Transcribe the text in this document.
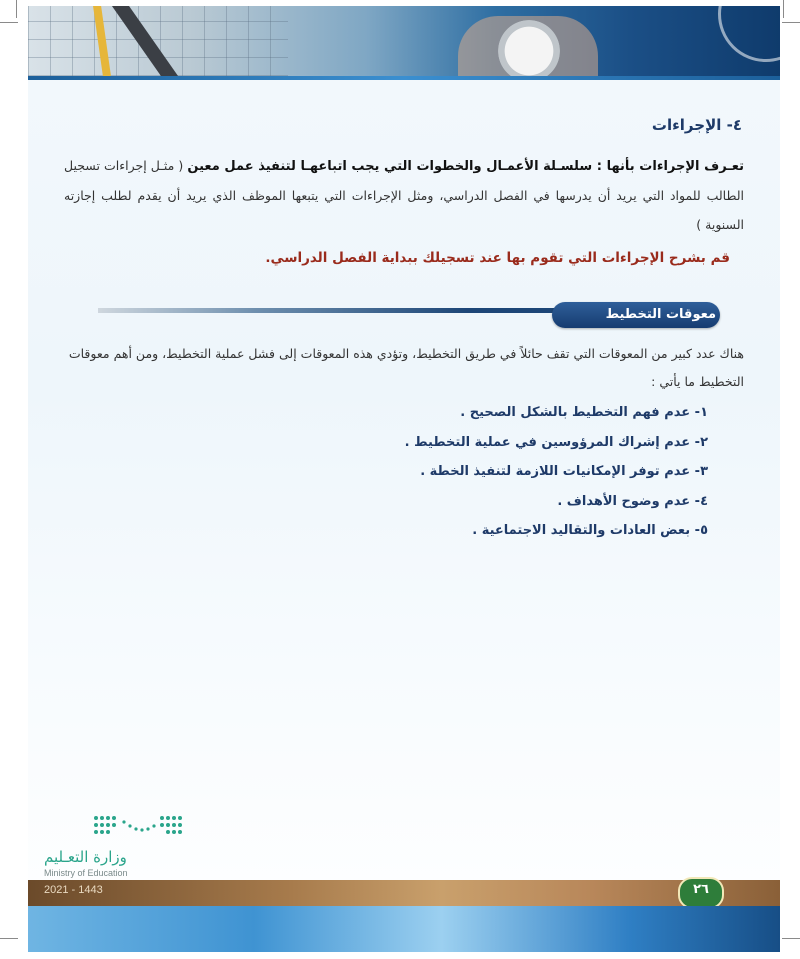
٤- الإجراءات
تعـرف الإجراءات بأنها : سلسـلة الأعمـال والخطوات التي يجب اتباعهـا لتنفيذ عمل معين ( مثـل إجراءات تسجيل الطالب للمواد التي يريد أن يدرسها في الفصل الدراسي، ومثل الإجراءات التي يتبعها الموظف الذي يريد أن يقدم لطلب إجازته السنوية )
قم بشرح الإجراءات التي تقوم بها عند تسجيلك ببداية الفصل الدراسي.
معوقات التخطيط
هناك عدد كبير من المعوقات التي تقف حائلاً في طريق التخطيط، وتؤدي هذه المعوقات إلى فشل عملية التخطيط، ومن أهم معوقات التخطيط ما يأتي :
١- عدم فهم التخطيط بالشكل الصحيح .
٢- عدم إشراك المرؤوسين في عملية التخطيط .
٣- عدم توفر الإمكانيات اللازمة لتنفيذ الخطة .
٤- عدم وضوح الأهداف .
٥- بعض العادات والتقاليد الاجتماعية .
وزارة التعـليم
Ministry of Education
2021 - 1443	٢٦
